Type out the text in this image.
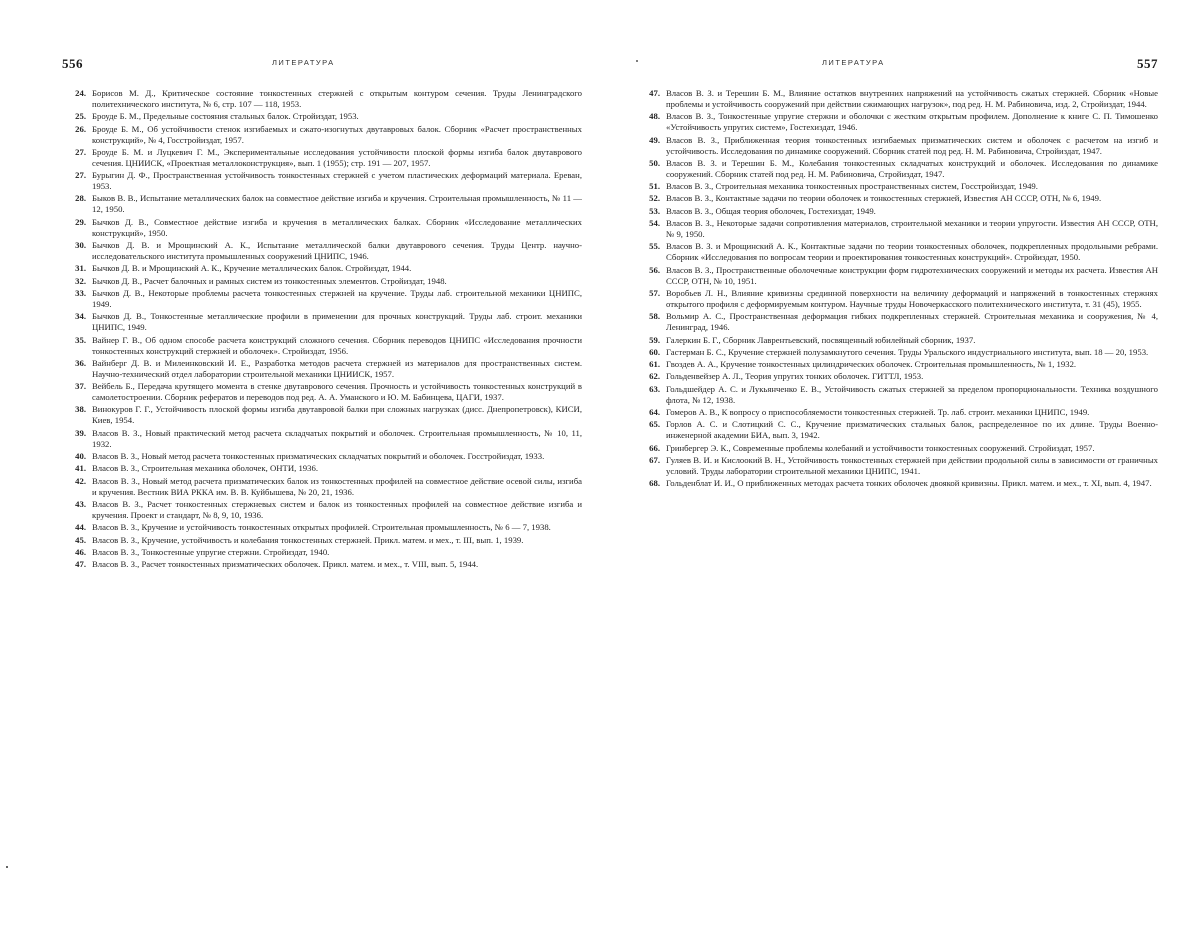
556	ЛИТЕРАТУРА
24. Борисов М. Д., Критическое состояние тонкостенных стержней с открытым контуром сечения. Труды Ленинградского политехнического института, № 6, стр. 107 — 118, 1953.
25. Броуде Б. М., Предельные состояния стальных балок. Стройиздат, 1953.
26. Броуде Б. М., Об устойчивости стенок изгибаемых и сжато-изогнутых двутавровых балок. Сборник «Расчет пространственных конструкций», № 4, Госстройиздат, 1957.
27. Броуде Б. М. и Луцкевич Г. М., Экспериментальные исследования устойчивости плоской формы изгиба балок двутаврового сечения. ЦНИИСК, «Проектная металлоконструкция», вып. 1 (1955); стр. 191 — 207, 1957.
27. Бурыгин Д. Ф., Пространственная устойчивость тонкостенных стержней с учетом пластических деформаций материала. Ереван, 1953.
28. Быков В. В., Испытание металлических балок на совместное действие изгиба и кручения. Строительная промышленность, № 11 — 12, 1950.
29. Бычков Д. В., Совместное действие изгиба и кручения в металлических балках. Сборник «Исследование металлических конструкций», 1950.
30. Бычков Д. В. и Мрощинский А. К., Испытание металлической балки двутаврового сечения. Труды Центр. научно-исследовательского института промышленных сооружений ЦНИПС, 1946.
31. Бычков Д. В. и Мрощинский А. К., Кручение металлических балок. Стройиздат, 1944.
32. Бычков Д. В., Расчет балочных и рамных систем из тонкостенных элементов. Стройиздат, 1948.
33. Бычков Д. В., Некоторые проблемы расчета тонкостенных стержней на кручение. Труды лаб. строительной механики ЦНИПС, 1949.
34. Бычков Д. В., Тонкостенные металлические профили в применении для прочных конструкций. Труды лаб. строит. механики ЦНИПС, 1949.
35. Вайнер Г. В., Об одном способе расчета конструкций сложного сечения. Сборник переводов ЦНИПС «Исследования прочности тонкостенных конструкций стержней и оболочек». Стройиздат, 1956.
36. Вайнберг Д. В. и Милеинковский И. Е., Разработка методов расчета стержней из материалов для пространственных систем. Научно-технический отдел лаборатории строительной механики ЦНИИСК, 1957.
37. Вейбель Б., Передача крутящего момента в стенке двутаврового сечения. Прочность и устойчивость тонкостенных конструкций в самолетостроении. Сборник рефератов и переводов под ред. А. А. Уманского и Ю. М. Бабинцева, ЦАГИ, 1937.
38. Винокуров Г. Г., Устойчивость плоской формы изгиба двутавровой балки при сложных нагрузках (дисс. Днепропетровск), КИСИ, Киев, 1954.
39. Власов В. З., Новый практический метод расчета складчатых покрытий и оболочек. Строительная промышленность, № 10, 11, 1932.
40. Власов В. З., Новый метод расчета тонкостенных призматических складчатых покрытий и оболочек. Госстройиздат, 1933.
41. Власов В. З., Строительная механика оболочек, ОНТИ, 1936.
42. Власов В. З., Новый метод расчета призматических балок из тонкостенных профилей на совместное действие осевой силы, изгиба и кручения. Вестник ВИА РККА им. В. В. Куйбышева, № 20, 21, 1936.
43. Власов В. З., Расчет тонкостенных стержневых систем и балок из тонкостенных профилей на совместное действие изгиба и кручения. Проект и стандарт, № 8, 9, 10, 1936.
44. Власов В. З., Кручение и устойчивость тонкостенных открытых профилей. Строительная промышленность, № 6 — 7, 1938.
45. Власов В. З., Кручение, устойчивость и колебания тонкостенных стержней. Прикл. матем. и мех., т. III, вып. 1, 1939.
46. Власов В. З., Тонкостенные упругие стержни. Стройиздат, 1940.
47. Власов В. З., Расчет тонкостенных призматических оболочек. Прикл. матем. и мех., т. VIII, вып. 5, 1944.
ЛИТЕРАТУРА	557
47. Власов В. З. и Терешин Б. М., Влияние остатков внутренних напряжений на устойчивость сжатых стержней. Сборник «Новые проблемы и устойчивость сооружений при действии сжимающих нагрузок», под ред. Н. М. Рабиновича, изд. 2, Стройиздат, 1944.
48. Власов В. З., Тонкостенные упругие стержни и оболочки с жестким открытым профилем. Дополнение к книге С. П. Тимошенко «Устойчивость упругих систем», Гостехиздат, 1946.
49. Власов В. З., Приближенная теория тонкостенных изгибаемых призматических систем и оболочек с расчетом на изгиб и устойчивость. Исследования по динамике сооружений. Сборник статей под ред. Н. М. Рабиновича, Стройиздат, 1947.
50. Власов В. З. и Терешин Б. М., Колебания тонкостенных складчатых конструкций и оболочек. Исследования по динамике сооружений. Сборник статей под ред. Н. М. Рабиновича, Стройиздат, 1947.
51. Власов В. З., Строительная механика тонкостенных пространственных систем, Госстройиздат, 1949.
52. Власов В. З., Контактные задачи по теории оболочек и тонкостенных стержней, Известия АН СССР, ОТН, № 6, 1949.
53. Власов В. З., Общая теория оболочек, Гостехиздат, 1949.
54. Власов В. З., Некоторые задачи сопротивления материалов, строительной механики и теории упругости. Известия АН СССР, ОТН, № 9, 1950.
55. Власов В. З. и Мрощинский А. К., Контактные задачи по теории тонкостенных оболочек, подкрепленных продольными ребрами. Сборник «Исследования по вопросам теории и проектирования тонкостенных конструкций». Стройиздат, 1950.
56. Власов В. З., Пространственные оболочечные конструкции форм гидротехнических сооружений и методы их расчета. Известия АН СССР, ОТН, № 10, 1951.
57. Воробьев Л. Н., Влияние кривизны срединной поверхности на величину деформаций и напряжений в тонкостенных стержнях открытого профиля с деформируемым контуром. Научные труды Новочеркасского политехнического института, т. 31 (45), 1955.
58. Вольмир А. С., Пространственная деформация гибких подкрепленных стержней. Строительная механика и сооружения, № 4, Ленинград, 1946.
59. Галеркин Б. Г., Сборник Лаврентьевский, посвященный юбилейный сборник, 1937.
60. Гастерман Б. С., Кручение стержней полузамкнутого сечения. Труды Уральского индустриального института, вып. 18 — 20, 1953.
61. Гвоздев А. А., Кручение тонкостенных цилиндрических оболочек. Строительная промышленность, № 1, 1932.
62. Гольденвейзер А. Л., Теория упругих тонких оболочек. ГИТТЛ, 1953.
63. Гольдшейдер А. С. и Лукьянченко Е. В., Устойчивость сжатых стержней за пределом пропорциональности. Техника воздушного флота, № 12, 1938.
64. Гомеров А. В., К вопросу о приспособляемости тонкостенных стержней. Тр. лаб. строит. механики ЦНИПС, 1949.
65. Горлов А. С. и Слотицкий С. С., Кручение призматических стальных балок, распределенное по их длине. Труды Военно-инженерной академии БИА, вып. 3, 1942.
66. Гринбергер Э. К., Современные проблемы колебаний и устойчивости тонкостенных сооружений. Стройиздат, 1957.
67. Гуляев В. И. и Кислоокий В. Н., Устойчивость тонкостенных стержней при действии продольной силы в зависимости от граничных условий. Труды лаборатории строительной механики ЦНИПС, 1941.
68. Гольденблат И. И., О приближенных методах расчета тонких оболочек двоякой кривизны. Прикл. матем. и мех., т. XI, вып. 4, 1947.
